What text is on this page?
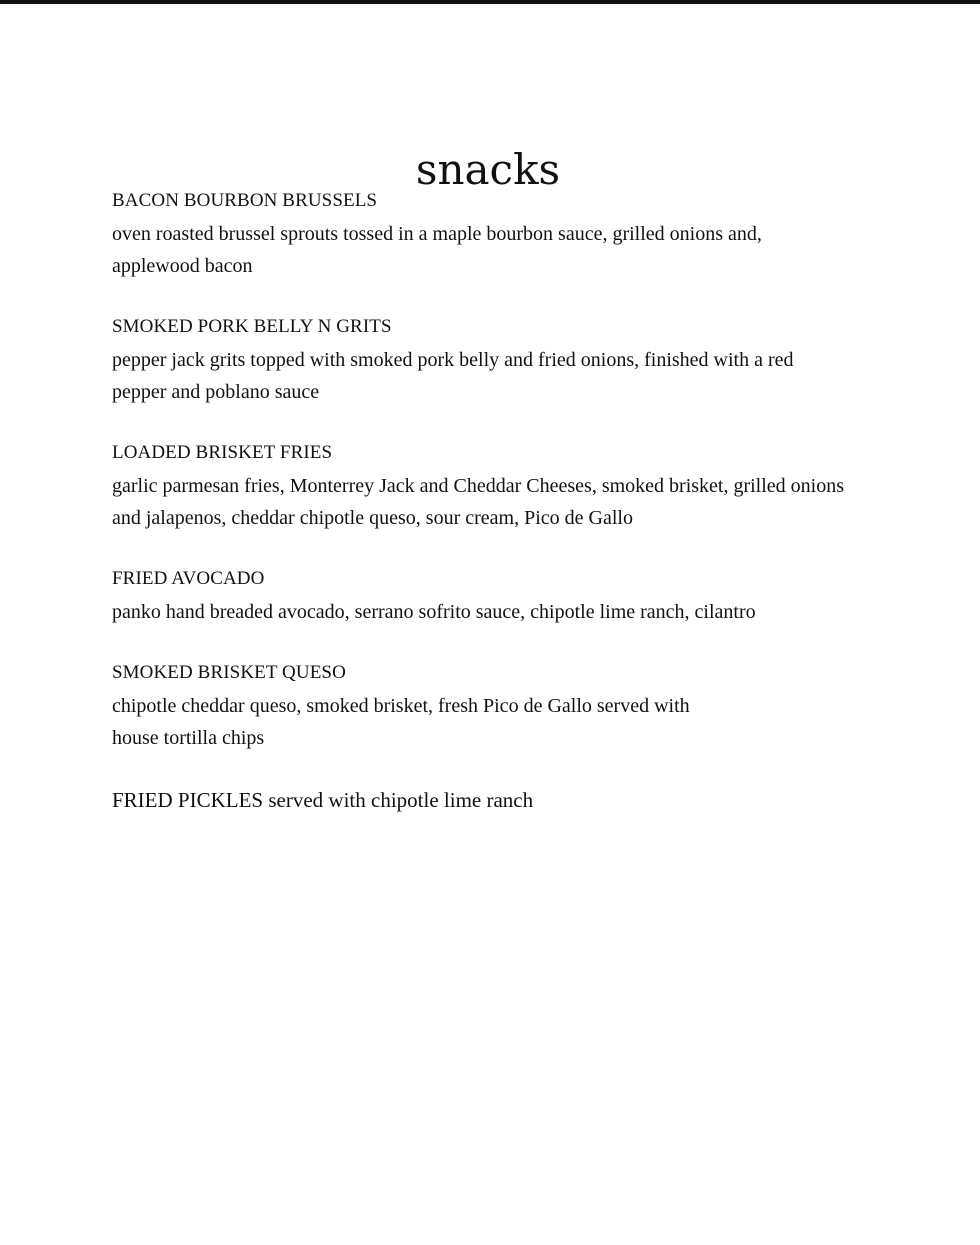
snacks
BACON BOURBON BRUSSELS
oven roasted brussel sprouts tossed in a maple bourbon sauce, grilled onions and, applewood bacon
SMOKED PORK BELLY N GRITS
pepper jack grits topped with smoked pork belly and fried onions, finished with a red pepper and poblano sauce
LOADED BRISKET FRIES
garlic parmesan fries, Monterrey Jack and Cheddar Cheeses, smoked brisket, grilled onions and jalapenos, cheddar chipotle queso, sour cream, Pico de Gallo
FRIED AVOCADO
panko hand breaded avocado, serrano sofrito sauce, chipotle lime ranch, cilantro
SMOKED BRISKET QUESO
chipotle cheddar queso, smoked brisket, fresh Pico de Gallo served with house tortilla chips
FRIED PICKLES served with chipotle lime ranch
